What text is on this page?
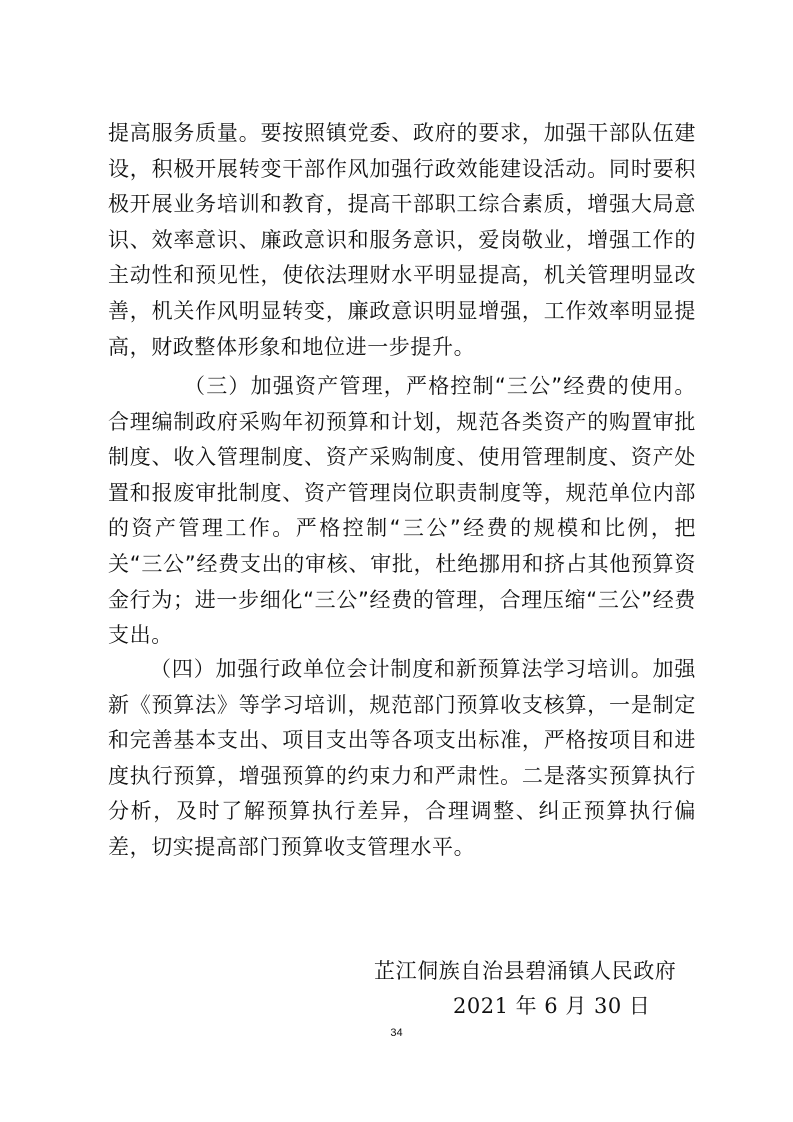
提高服务质量。要按照镇党委、政府的要求，加强干部队伍建设，积极开展转变干部作风加强行政效能建设活动。同时要积极开展业务培训和教育，提高干部职工综合素质，增强大局意识、效率意识、廉政意识和服务意识，爱岗敬业，增强工作的主动性和预见性，使依法理财水平明显提高，机关管理明显改善，机关作风明显转变，廉政意识明显增强，工作效率明显提高，财政整体形象和地位进一步提升。

（三）加强资产管理，严格控制“三公”经费的使用。合理编制政府采购年初预算和计划，规范各类资产的购置审批制度、收入管理制度、资产采购制度、使用管理制度、资产处置和报废审批制度、资产管理岗位职责制度等，规范单位内部的资产管理工作。严格控制“三公”经费的规模和比例，把关“三公”经费支出的审核、审批，杜绝挪用和挤占其他预算资金行为；进一步细化“三公”经费的管理，合理压缩“三公”经费支出。

（四）加强行政单位会计制度和新预算法学习培训。加强新《预算法》等学习培训，规范部门预算收支核算，一是制定和完善基本支出、项目支出等各项支出标准，严格按项目和进度执行预算，增强预算的约束力和严肃性。二是落实预算执行分析，及时了解预算执行差异，合理调整、纠正预算执行偏差，切实提高部门预算收支管理水平。

芷江侗族自治县碧涌镇人民政府
2021 年 6 月 30 日
34
